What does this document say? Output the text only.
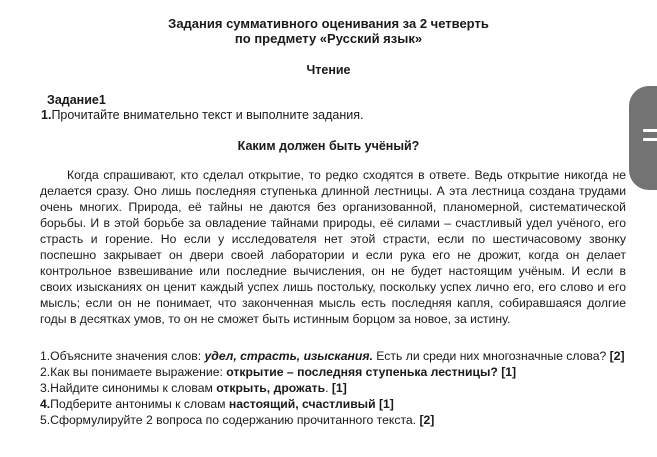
Задания суммативного оценивания за 2 четверть
по предмету «Русский язык»
Чтение
Задание1
1.Прочитайте внимательно текст и выполните задания.
Каким должен быть учёный?
Когда спрашивают, кто сделал открытие, то редко сходятся в ответе. Ведь открытие никогда не делается сразу. Оно лишь последняя ступенька длинной лестницы. А эта лестница создана трудами очень многих. Природа, её тайны не даются без организованной, планомерной, систематической борьбы. И в этой борьбе за овладение тайнами природы, её силами – счастливый удел учёного, его страсть и горение. Но если у исследователя нет этой страсти, если по шестичасовому звонку поспешно закрывает он двери своей лаборатории и если рука его не дрожит, когда он делает контрольное взвешивание или последние вычисления, он не будет настоящим учёным. И если в своих изысканиях он ценит каждый успех лишь постольку, поскольку успех лично его, его слово и его мысль; если он не понимает, что законченная мысль есть последняя капля, собиравшаяся долгие годы в десятках умов, то он не сможет быть истинным борцом за новое, за истину.

1.Объясните значения слов: удел, страсть, изыскания. Есть ли среди них многозначные слова? [2]

2.Как вы понимаете выражение: открытие – последняя ступенька лестницы? [1]

3.Найдите синонимы к словам открыть, дрожать. [1]

4.Подберите антонимы к словам настоящий, счастливый [1]

5.Сформулируйте 2 вопроса по содержанию прочитанного текста. [2]
